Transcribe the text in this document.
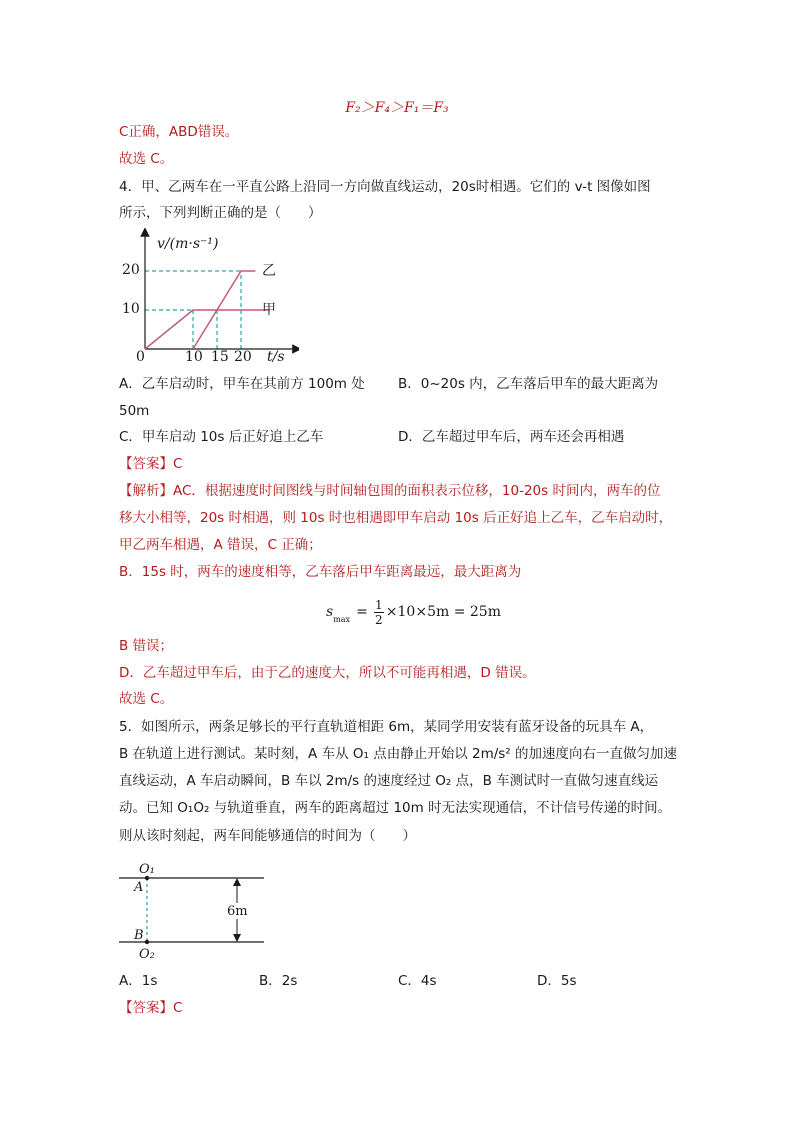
F₂＞F₄＞F₁＝F₃
C正确，ABD错误。
故选 C。
4．甲、乙两车在一平直公路上沿同一方向做直线运动，20s时相遇。它们的 v-t 图像如图
所示，下列判断正确的是（　　）
v/(m·s⁻¹)
t/s
20
10
0	10 15 20
乙
甲
A．乙车启动时，甲车在其前方 100m 处 B．0~20s 内，乙车落后甲车的最大距离为
50m
C．甲车启动 10s 后正好追上乙车	D．乙车超过甲车后，两车还会再相遇
【答案】C
【解析】AC．根据速度时间图线与时间轴包围的面积表示位移，10-20s 时间内，两车的位
移大小相等，20s 时相遇，则 10s 时也相遇即甲车启动 10s 后正好追上乙车，乙车启动时，
甲乙两车相遇，A 错误，C 正确；
B．15s 时，两车的速度相等，乙车落后甲车距离最远，最大距离为
s max = 1
2 ×10×5m = 25m
B 错误；
D．乙车超过甲车后，由于乙的速度大，所以不可能再相遇，D 错误。
故选 C。
5．如图所示，两条足够长的平行直轨道相距 6m，某同学用安装有蓝牙设备的玩具车 A，
B 在轨道上进行测试。某时刻，A 车从 O₁ 点由静止开始以 2m/s² 的加速度向右一直做匀加速
直线运动，A 车启动瞬间，B 车以 2m/s 的速度经过 O₂ 点，B 车测试时一直做匀速直线运
动。已知 O₁O₂ 与轨道垂直，两车的距离超过 10m 时无法实现通信，不计信号传递的时间。
则从该时刻起，两车间能够通信的时间为（　　）
O₁
A
B
O₂
6m
A．1s	B．2s	C．4s	D．5s
【答案】C
